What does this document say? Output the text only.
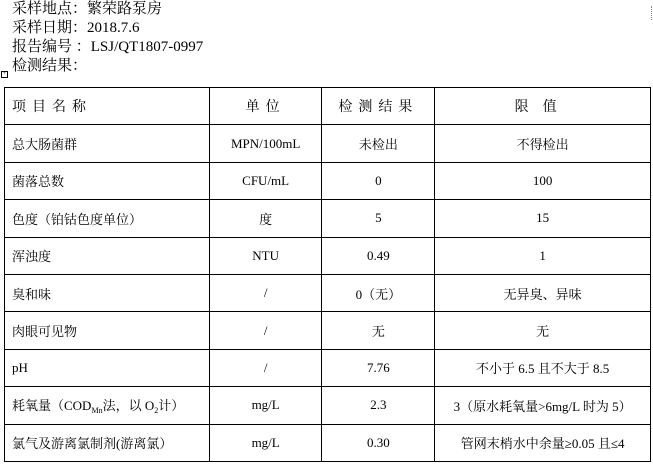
采样地点：繁荣路泵房
采样日期：2018.7.6
报告编号 ：LSJ/QT1807-0997
检测结果：
+
项目名称	单位	检测结果	限值
总大肠菌群	MPN/100mL	未检出	不得检出
菌落总数	CFU/mL	0	100
色度（铂钴色度单位）	度	5	15
浑浊度	NTU	0.49	1
臭和味	/	0（无）	无异臭、异味
肉眼可见物	/	无	无
pH	/	7.76	不小于 6.5 且不大于 8.5
耗氧量（$COD_{Mn}$法，以 $O_2$计）	mg/L	2.3	3（原水耗氧量>6mg/L 时为 5）
氯气及游离氯制剂(游离氯）	mg/L	0.30	管网末梢水中余量≥0.05 且≤4
